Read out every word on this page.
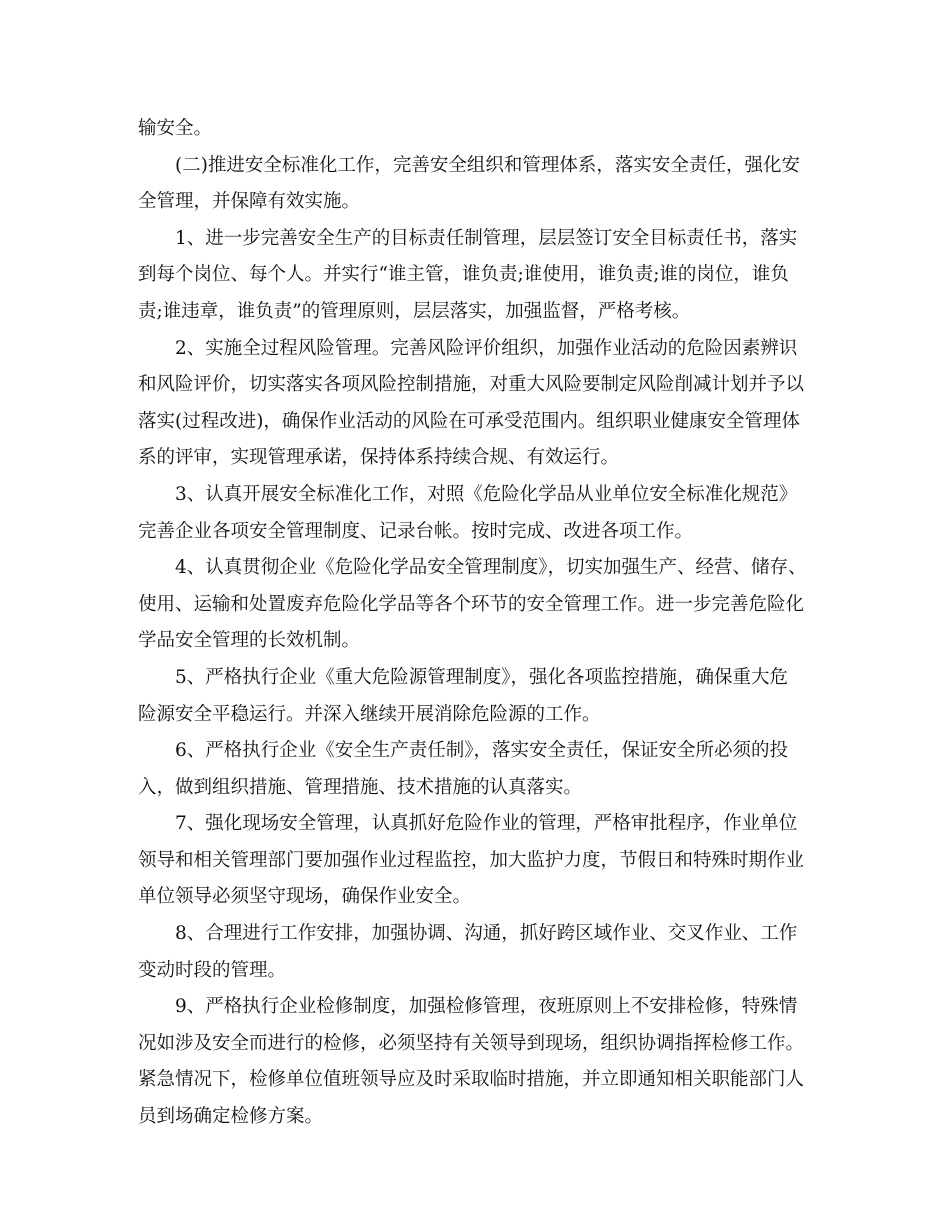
输安全。
(二)推进安全标准化工作，完善安全组织和管理体系，落实安全责任，强化安
全管理，并保障有效实施。
1、进一步完善安全生产的目标责任制管理，层层签订安全目标责任书，落实
到每个岗位、每个人。并实行“谁主管，谁负责;谁使用，谁负责;谁的岗位，谁负
责;谁违章，谁负责”的管理原则，层层落实，加强监督，严格考核。
2、实施全过程风险管理。完善风险评价组织，加强作业活动的危险因素辨识
和风险评价，切实落实各项风险控制措施，对重大风险要制定风险削减计划并予以
落实(过程改进)，确保作业活动的风险在可承受范围内。组织职业健康安全管理体
系的评审，实现管理承诺，保持体系持续合规、有效运行。
3、认真开展安全标准化工作，对照《危险化学品从业单位安全标准化规范》
完善企业各项安全管理制度、记录台帐。按时完成、改进各项工作。
4、认真贯彻企业《危险化学品安全管理制度》，切实加强生产、经营、储存、
使用、运输和处置废弃危险化学品等各个环节的安全管理工作。进一步完善危险化
学品安全管理的长效机制。
5、严格执行企业《重大危险源管理制度》，强化各项监控措施，确保重大危
险源安全平稳运行。并深入继续开展消除危险源的工作。
6、严格执行企业《安全生产责任制》，落实安全责任，保证安全所必须的投
入，做到组织措施、管理措施、技术措施的认真落实。
7、强化现场安全管理，认真抓好危险作业的管理，严格审批程序，作业单位
领导和相关管理部门要加强作业过程监控，加大监护力度，节假日和特殊时期作业
单位领导必须坚守现场，确保作业安全。
8、合理进行工作安排，加强协调、沟通，抓好跨区域作业、交叉作业、工作
变动时段的管理。
9、严格执行企业检修制度，加强检修管理，夜班原则上不安排检修，特殊情
况如涉及安全而进行的检修，必须坚持有关领导到现场，组织协调指挥检修工作。
紧急情况下，检修单位值班领导应及时采取临时措施，并立即通知相关职能部门人
员到场确定检修方案。
